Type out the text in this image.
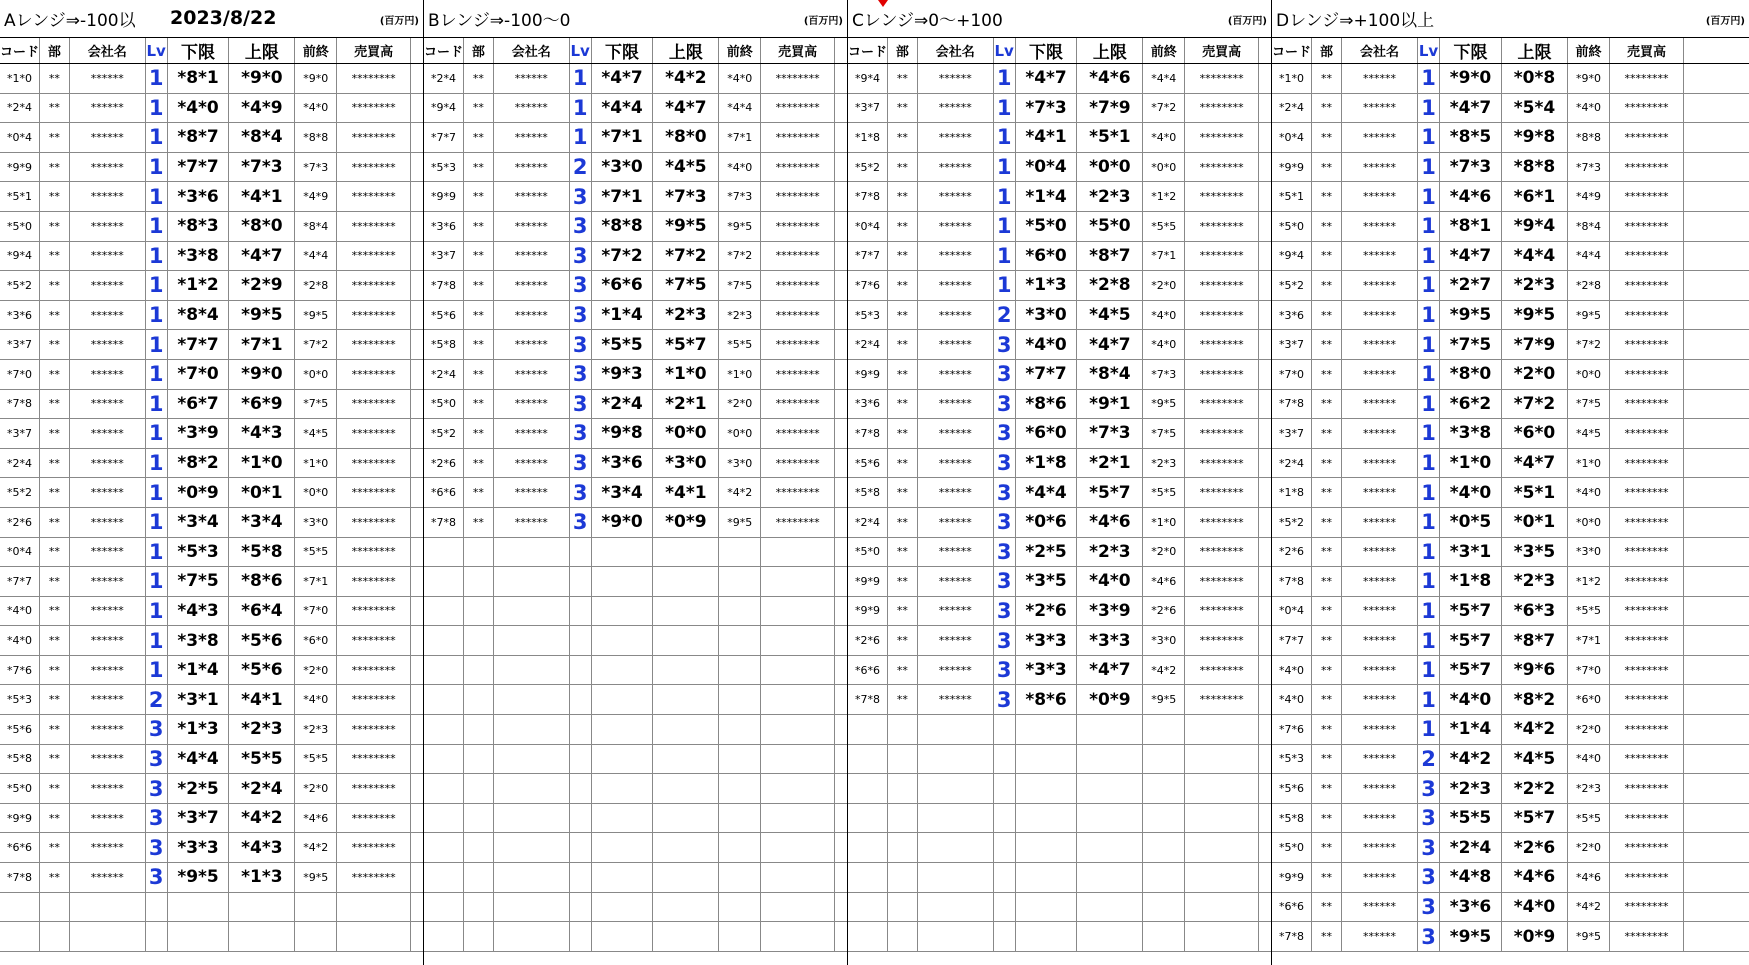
Aレンジ⇒-100以 2023/8/22	(百万円)
コード 部	会社名	Lv 下限	上限	前終	売買高
*1*0	**	******	1 *8*1	*9*0	*9*0	********
*2*4	**	******	1 *4*0	*4*9	*4*0	********
*0*4	**	******	1 *8*7	*8*4	*8*8	********
*9*9	**	******	1 *7*7	*7*3	*7*3	********
*5*1	**	******	1 *3*6	*4*1	*4*9	********
*5*0	**	******	1 *8*3	*8*0	*8*4	********
*9*4	**	******	1 *3*8	*4*7	*4*4	********
*5*2	**	******	1 *1*2	*2*9	*2*8	********
*3*6	**	******	1 *8*4	*9*5	*9*5	********
*3*7	**	******	1 *7*7	*7*1	*7*2	********
*7*0	**	******	1 *7*0	*9*0	*0*0	********
*7*8	**	******	1 *6*7	*6*9	*7*5	********
*3*7	**	******	1 *3*9	*4*3	*4*5	********
*2*4	**	******	1 *8*2	*1*0	*1*0	********
*5*2	**	******	1 *0*9	*0*1	*0*0	********
*2*6	**	******	1 *3*4	*3*4	*3*0	********
*0*4	**	******	1 *5*3	*5*8	*5*5	********
*7*7	**	******	1 *7*5	*8*6	*7*1	********
*4*0	**	******	1 *4*3	*6*4	*7*0	********
*4*0	**	******	1 *3*8	*5*6	*6*0	********
*7*6	**	******	1 *1*4	*5*6	*2*0	********
*5*3	**	******	2 *3*1	*4*1	*4*0	********
*5*6	**	******	3 *1*3	*2*3	*2*3	********
*5*8	**	******	3 *4*4	*5*5	*5*5	********
*5*0	**	******	3 *2*5	*2*4	*2*0	********
*9*9	**	******	3 *3*7	*4*2	*4*6	********
*6*6	**	******	3 *3*3	*4*3	*4*2	********
*7*8	**	******	3 *9*5	*1*3	*9*5	********
Bレンジ⇒-100〜0	(百万円)
コード 部	会社名	Lv 下限	上限	前終	売買高
*2*4	**	******	1 *4*7	*4*2	*4*0	********
*9*4	**	******	1 *4*4	*4*7	*4*4	********
*7*7	**	******	1 *7*1	*8*0	*7*1	********
*5*3	**	******	2 *3*0	*4*5	*4*0	********
*9*9	**	******	3 *7*1	*7*3	*7*3	********
*3*6	**	******	3 *8*8	*9*5	*9*5	********
*3*7	**	******	3 *7*2	*7*2	*7*2	********
*7*8	**	******	3 *6*6	*7*5	*7*5	********
*5*6	**	******	3 *1*4	*2*3	*2*3	********
*5*8	**	******	3 *5*5	*5*7	*5*5	********
*2*4	**	******	3 *9*3	*1*0	*1*0	********
*5*0	**	******	3 *2*4	*2*1	*2*0	********
*5*2	**	******	3 *9*8	*0*0	*0*0	********
*2*6	**	******	3 *3*6	*3*0	*3*0	********
*6*6	**	******	3 *3*4	*4*1	*4*2	********
*7*8	**	******	3 *9*0	*0*9	*9*5	********
Cレンジ⇒0〜+100	(百万円)
コード 部	会社名	Lv 下限	上限	前終	売買高
*9*4	**	******	1 *4*7	*4*6	*4*4	********
*3*7	**	******	1 *7*3	*7*9	*7*2	********
*1*8	**	******	1 *4*1	*5*1	*4*0	********
*5*2	**	******	1 *0*4	*0*0	*0*0	********
*7*8	**	******	1 *1*4	*2*3	*1*2	********
*0*4	**	******	1 *5*0	*5*0	*5*5	********
*7*7	**	******	1 *6*0	*8*7	*7*1	********
*7*6	**	******	1 *1*3	*2*8	*2*0	********
*5*3	**	******	2 *3*0	*4*5	*4*0	********
*2*4	**	******	3 *4*0	*4*7	*4*0	********
*9*9	**	******	3 *7*7	*8*4	*7*3	********
*3*6	**	******	3 *8*6	*9*1	*9*5	********
*7*8	**	******	3 *6*0	*7*3	*7*5	********
*5*6	**	******	3 *1*8	*2*1	*2*3	********
*5*8	**	******	3 *4*4	*5*7	*5*5	********
*2*4	**	******	3 *0*6	*4*6	*1*0	********
*5*0	**	******	3 *2*5	*2*3	*2*0	********
*9*9	**	******	3 *3*5	*4*0	*4*6	********
*9*9	**	******	3 *2*6	*3*9	*2*6	********
*2*6	**	******	3 *3*3	*3*3	*3*0	********
*6*6	**	******	3 *3*3	*4*7	*4*2	********
*7*8	**	******	3 *8*6	*0*9	*9*5	********
Dレンジ⇒+100以上	(百万円)
コード 部	会社名	Lv 下限	上限	前終	売買高
*1*0	**	******	1 *9*0	*0*8	*9*0	********
*2*4	**	******	1 *4*7	*5*4	*4*0	********
*0*4	**	******	1 *8*5	*9*8	*8*8	********
*9*9	**	******	1 *7*3	*8*8	*7*3	********
*5*1	**	******	1 *4*6	*6*1	*4*9	********
*5*0	**	******	1 *8*1	*9*4	*8*4	********
*9*4	**	******	1 *4*7	*4*4	*4*4	********
*5*2	**	******	1 *2*7	*2*3	*2*8	********
*3*6	**	******	1 *9*5	*9*5	*9*5	********
*3*7	**	******	1 *7*5	*7*9	*7*2	********
*7*0	**	******	1 *8*0	*2*0	*0*0	********
*7*8	**	******	1 *6*2	*7*2	*7*5	********
*3*7	**	******	1 *3*8	*6*0	*4*5	********
*2*4	**	******	1 *1*0	*4*7	*1*0	********
*1*8	**	******	1 *4*0	*5*1	*4*0	********
*5*2	**	******	1 *0*5	*0*1	*0*0	********
*2*6	**	******	1 *3*1	*3*5	*3*0	********
*7*8	**	******	1 *1*8	*2*3	*1*2	********
*0*4	**	******	1 *5*7	*6*3	*5*5	********
*7*7	**	******	1 *5*7	*8*7	*7*1	********
*4*0	**	******	1 *5*7	*9*6	*7*0	********
*4*0	**	******	1 *4*0	*8*2	*6*0	********
*7*6	**	******	1 *1*4	*4*2	*2*0	********
*5*3	**	******	2 *4*2	*4*5	*4*0	********
*5*6	**	******	3 *2*3	*2*2	*2*3	********
*5*8	**	******	3 *5*5	*5*7	*5*5	********
*5*0	**	******	3 *2*4	*2*6	*2*0	********
*9*9	**	******	3 *4*8	*4*6	*4*6	********
*6*6	**	******	3 *3*6	*4*0	*4*2	********
*7*8	**	******	3 *9*5	*0*9	*9*5	********
